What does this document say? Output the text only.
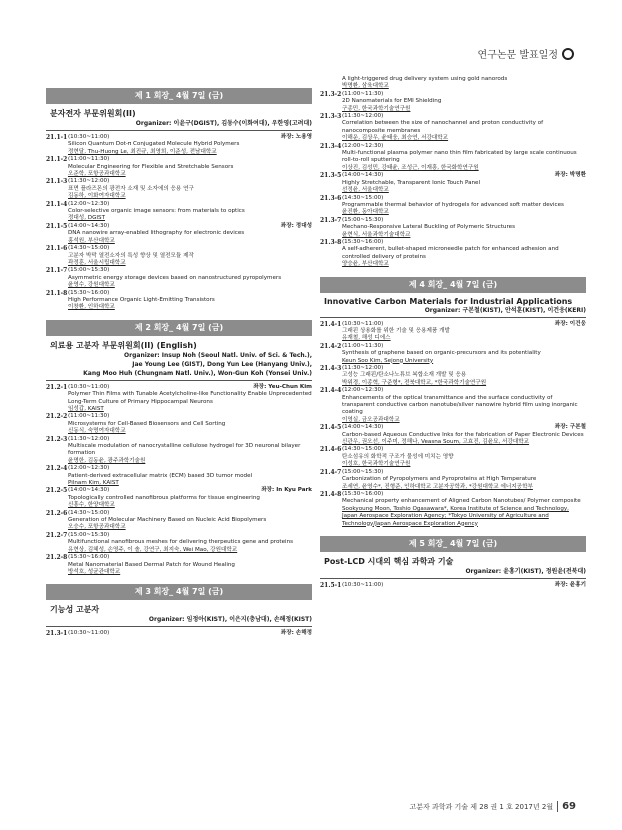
연구논문 발표일정
제 1 회장_ 4월 7일 (금)
분자전자 부문위원회(II)
Organizer: 이윤구(DGIST), 김동수(이화여대), 우한영(고려대)
21.1-1 (10:30~11:00)	좌장: 노용영
Silicon Quantum Dot-π Conjugated Molecule Hybrid Polymers
정현달, Thu-Huong Le, 최진규, 최영희, 이준성, 전남대학교
21.1-2 (11:00~11:30)
Molecular Engineering for Flexible and Stretchable Sensors
오준학, 포항공과대학교
21.1-3 (11:30~12:00)
표면 플라즈몬의 광전자 소재 및 소자에의 응용 연구
김동하, 이화여자대학교
21.1-4 (12:00~12:30)
Color-selective organic image sensors: from materials to optics
정대성, DGIST
21.1-5 (14:00~14:30)	좌장: 정대성
DNA nanowire array-enabled lithography for electronic devices
홍석원, 부산대학교
21.1-6 (14:30~15:00)
고분자 박막 열전소자의 특성 향상 및 열전모듈 제작
곽정훈, 서울시립대학교
21.1-7 (15:00~15:30)
Asymmetric energy storage devices based on nanostructured pyropolymers
윤영수, 강원대학교
21.1-8 (15:30~16:00)
High Performance Organic Light-Emitting Transistors
이창환, 인하대학교
제 2 회장_ 4월 7일 (금)
의료용 고분자 부문위원회(II) (English)
Organizer: Insup Noh (Seoul Natl. Univ. of Sci. & Tech.),
Jae Young Lee (GIST), Dong Yun Lee (Hanyang Univ.),
Kang Moo Huh (Chungnam Natl. Univ.), Won-Gun Koh (Yonsei Univ.)
21.2-1 (10:30~11:00)	좌장: Yeu-Chun Kim
Polymer Thin Films with Tunable Acetylcholine-like Functionality Enable Unprecedented Long-Term Culture of Primary Hippocampal Neurons
임성갑, KAIST
21.2-2 (11:00~11:30)
Microsystems for Cell-Based Biosensors and Cell Sorting
신동식, 숙명여자대학교
21.2-3 (11:30~12:00)
Multiscale modulation of nanocrystalline cellulose hydrogel for 3D neuronal bilayer formation
윤명한, 김동윤, 광주과학기술원
21.2-4 (12:00~12:30)
Patient-derived extracellular matrix (ECM) based 3D tumor model
Pilnam Kim, KAIST
21.2-5 (14:00~14:30)	좌장: In Kyu Park
Topologically controlled nanofibrous platforms for tissue engineering
신흥수, 한양대학교
21.2-6 (14:30~15:00)
Generation of Molecular Machinery Based on Nucleic Acid Biopolymers
오승수, 포항공과대학교
21.2-7 (15:00~15:30)
Multifunctional nanofibrous meshes for delivering therpeutics gene and proteins
유현상, 김혜성, 손영주, 이 솔, 강연구, 최지숙, Wei Mao, 강원대학교
21.2-8 (15:30~16:00)
Metal Nanomaterial Based Dermal Patch for Wound Healing
방석호, 성균관대학교
제 3 회장_ 4월 7일 (금)
기능성 고분자
Organizer: 임정아(KIST), 이은지(충남대), 손해정(KIST)
21.3-1 (10:30~11:00)	좌장: 손해정
A light-triggered drug delivery system using gold nanorods
박명환, 삼육대학교
21.3-2 (11:00~11:30)
2D Nanomaterials for EMI Shielding
구종민, 한국과학기술연구원
21.3-3 (11:30~12:00)
Correlation between the size of nanochannel and proton conductivity of nanocomposite membranes
이해운, 김상우, 윤태웅, 최승연, 서강대학교
21.3-4 (12:00~12:30)
Multi-functional plasma polymer nano thin film fabricated by large scale continuous roll-to-roll sputtering
이상진, 김성민, 강태윤, 조성근, 이재흥, 한국화학연구원
21.3-5 (14:00~14:30)	좌장: 박명환
Highly Stretchable, Transparent Ionic Touch Panel
선정윤, 서울대학교
21.3-6 (14:30~15:00)
Programmable thermal behavior of hydrogels for advanced soft matter devices
윤진환, 동아대학교
21.3-7 (15:00~15:30)
Mechano-Responsive Lateral Buckling of Polymeric Structures
윤현식, 서울과학기술대학교
21.3-8 (15:30~16:00)
A self-adherent, bullet-shaped microneedle patch for enhanced adhesion and controlled delivery of proteins
양승윤, 부산대학교
제 4 회장_ 4월 7일 (금)
Innovative Carbon Materials for Industrial Applications
Organizer: 구본철(KIST), 안석훈(KIST), 이건웅(KERI)
21.4-1 (10:30~11:00)	좌장: 이건웅
그래핀 상용화를 위한 기술 및 응용제품 개발
유재철, 해성 디에스
21.4-2 (11:00~11:30)
Synthesis of graphene based on organic-precursors and its potentiality
Keun Soo Kim, Sejong University
21.4-3 (11:30~12:00)
고성능 그래핀/탄소나노튜브 복합소재 개발 및 응용
박위경, 이종혁, 구준형*, 전북대학교, *한국과학기술연구원
21.4-4 (12:00~12:30)
Enhancements of the optical transmittance and the surface conductivity of transparent conductive carbon nanotube/silver nanowire hybrid film using inorganic coating
이영실, 금오공과대학교
21.4-5 (14:00~14:30)	좌장: 구본철
Carbon-based Aqueous Conductive Inks for the fabrication of Paper Electronic Devices
신관우, 권오선, 이주미, 정해나, Veasna Soum, 고효진, 김윤묘, 서강대학교
21.4-6 (14:30~15:00)
탄소섬유의 화학적 구조가 물성에 미치는 영향
이성호, 한국과학기술연구원
21.4-7 (15:00~15:30)
Carbonization of Pyropolymers and Pyroproteins at High Temperature
조세연, 윤영수*, 진형준, 인하대학교 고분자공학과, *강원대학교 에너지공학부
21.4-8 (15:30~16:00)
Mechanical property enhancement of Aligned Carbon Nanotubes/ Polymer composite
Sookyoung Moon, Toshio Ogasawara*, Korea Institute of Science and Technology, Japan Aerospace Exploration Agency; *Tokyo University of Agriculture and Technology/Japan Aerospace Exploration Agency
제 5 회장_ 4월 7일 (금)
Post-LCD 시대의 핵심 과학과 기술
Organizer: 윤홍기(KIST), 정원윤(전북대)
21.5-1 (10:30~11:00)	좌장: 윤홍기
고분자 과학과 기술 제 28 권 1 호 2017년 2월 69
